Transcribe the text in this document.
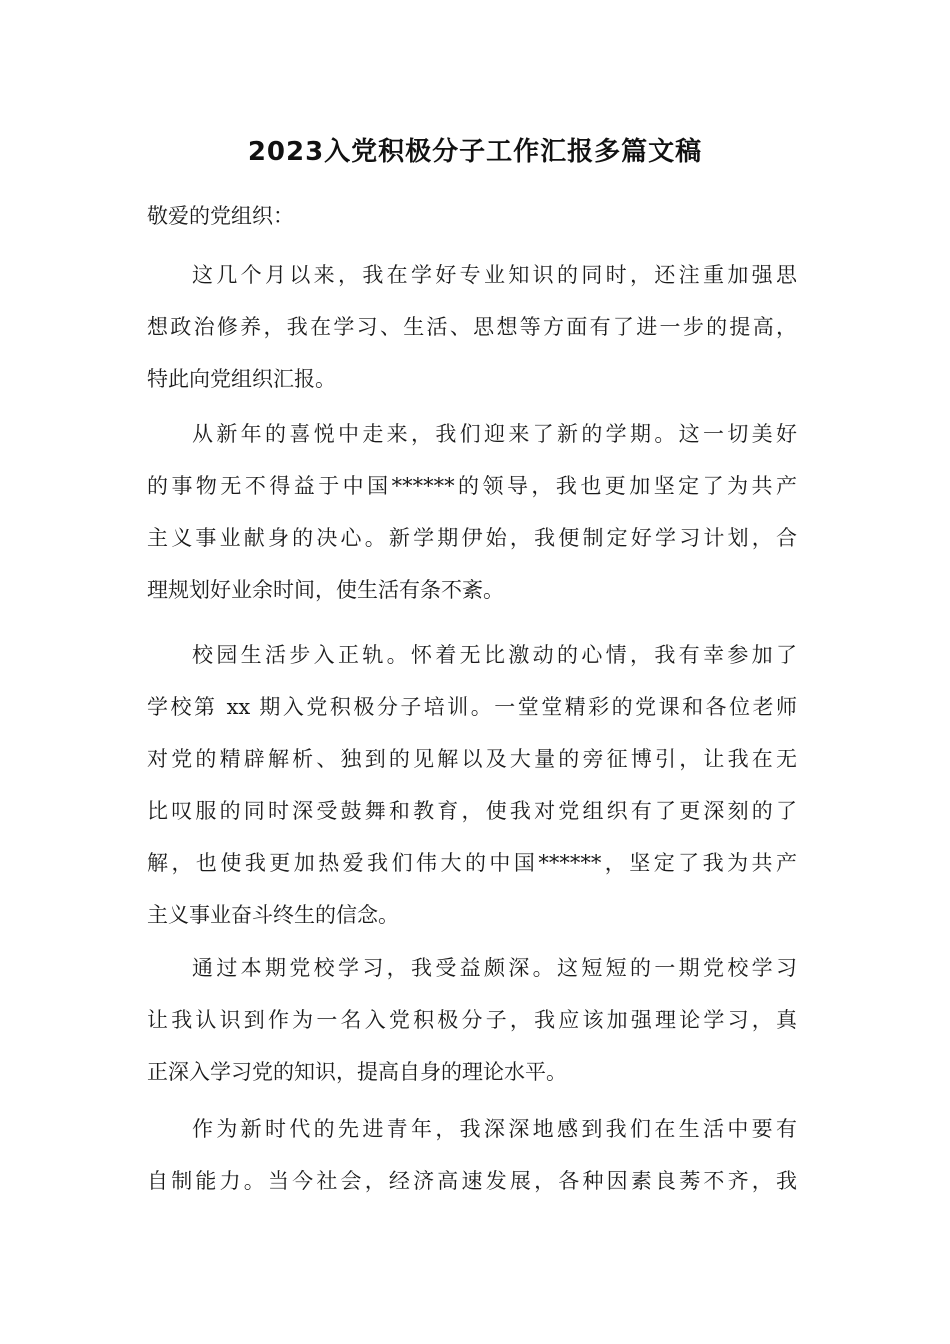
2023入党积极分子工作汇报多篇文稿
敬爱的党组织：
这几个月以来，我在学好专业知识的同时，还注重加强思
想政治修养，我在学习、生活、思想等方面有了进一步的提高，
特此向党组织汇报。
从新年的喜悦中走来，我们迎来了新的学期。这一切美好
的事物无不得益于中国******的领导，我也更加坚定了为共产
主义事业献身的决心。新学期伊始，我便制定好学习计划，合
理规划好业余时间，使生活有条不紊。
校园生活步入正轨。怀着无比激动的心情，我有幸参加了
学校第 xx 期入党积极分子培训。一堂堂精彩的党课和各位老师
对党的精辟解析、独到的见解以及大量的旁征博引，让我在无
比叹服的同时深受鼓舞和教育，使我对党组织有了更深刻的了
解，也使我更加热爱我们伟大的中国******，坚定了我为共产
主义事业奋斗终生的信念。
通过本期党校学习，我受益颇深。这短短的一期党校学习
让我认识到作为一名入党积极分子，我应该加强理论学习，真
正深入学习党的知识，提高自身的理论水平。
作为新时代的先进青年，我深深地感到我们在生活中要有
自制能力。当今社会，经济高速发展，各种因素良莠不齐，我
